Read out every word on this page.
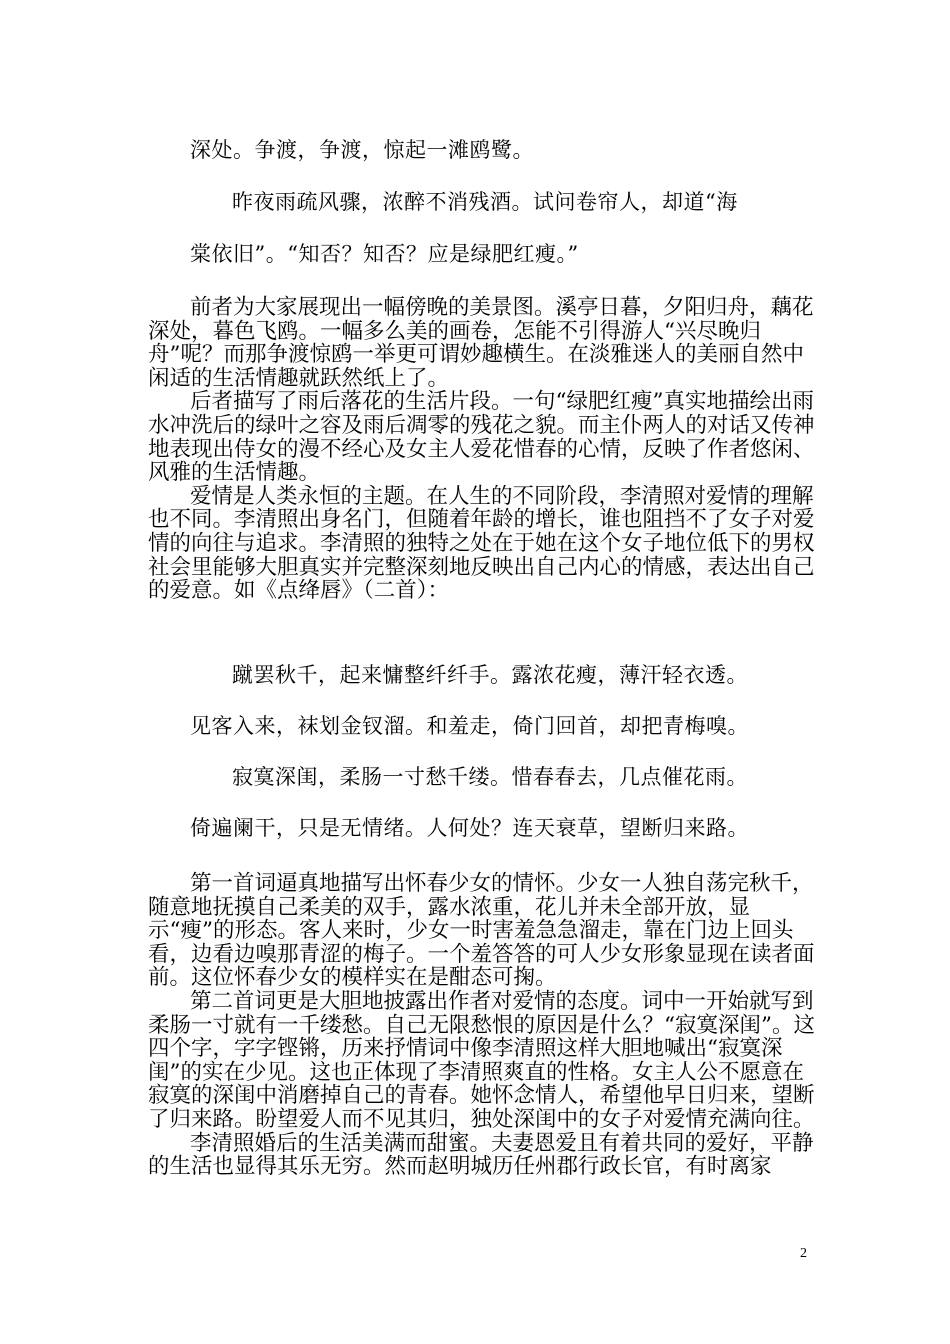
深处。争渡，争渡，惊起一滩鸥鹭。
昨夜雨疏风骤，浓醉不消残酒。试问卷帘人，却道“海
棠依旧”。“知否？知否？应是绿肥红瘦。”

前者为大家展现出一幅傍晚的美景图。溪亭日暮，夕阳归舟，藕花深处，暮色飞鸥。一幅多么美的画卷，怎能不引得游人“兴尽晚归舟”呢？而那争渡惊鸥一举更可谓妙趣横生。在淡雅迷人的美丽自然中闲适的生活情趣就跃然纸上了。

后者描写了雨后落花的生活片段。一句“绿肥红瘦”真实地描绘出雨水冲洗后的绿叶之容及雨后凋零的残花之貌。而主仆两人的对话又传神地表现出侍女的漫不经心及女主人爱花惜春的心情，反映了作者悠闲、风雅的生活情趣。

爱情是人类永恒的主题。在人生的不同阶段，李清照对爱情的理解也不同。李清照出身名门，但随着年龄的增长，谁也阻挡不了女子对爱情的向往与追求。李清照的独特之处在于她在这个女子地位低下的男权社会里能够大胆真实并完整深刻地反映出自己内心的情感，表达出自己的爱意。如《点绛唇》（二首）：

蹴罢秋千，起来慵整纤纤手。露浓花瘦，薄汗轻衣透。
见客入来，袜划金钗溜。和羞走，倚门回首，却把青梅嗅。
寂寞深闺，柔肠一寸愁千缕。惜春春去，几点催花雨。
倚遍阑干，只是无情绪。人何处？连天衰草，望断归来路。

第一首词逼真地描写出怀春少女的情怀。少女一人独自荡完秋千，随意地抚摸自己柔美的双手，露水浓重，花儿并未全部开放，显示“瘦”的形态。客人来时，少女一时害羞急急溜走，靠在门边上回头看，边看边嗅那青涩的梅子。一个羞答答的可人少女形象显现在读者面前。这位怀春少女的模样实在是酣态可掬。

第二首词更是大胆地披露出作者对爱情的态度。词中一开始就写到柔肠一寸就有一千缕愁。自己无限愁恨的原因是什么？“寂寞深闺”。这四个字，字字铿锵，历来抒情词中像李清照这样大胆地喊出“寂寞深闺”的实在少见。这也正体现了李清照爽直的性格。女主人公不愿意在寂寞的深闺中消磨掉自己的青春。她怀念情人，希望他早日归来，望断了归来路。盼望爱人而不见其归，独处深闺中的女子对爱情充满向往。

李清照婚后的生活美满而甜蜜。夫妻恩爱且有着共同的爱好，平静的生活也显得其乐无穷。然而赵明城历任州郡行政长官，有时离家

2
